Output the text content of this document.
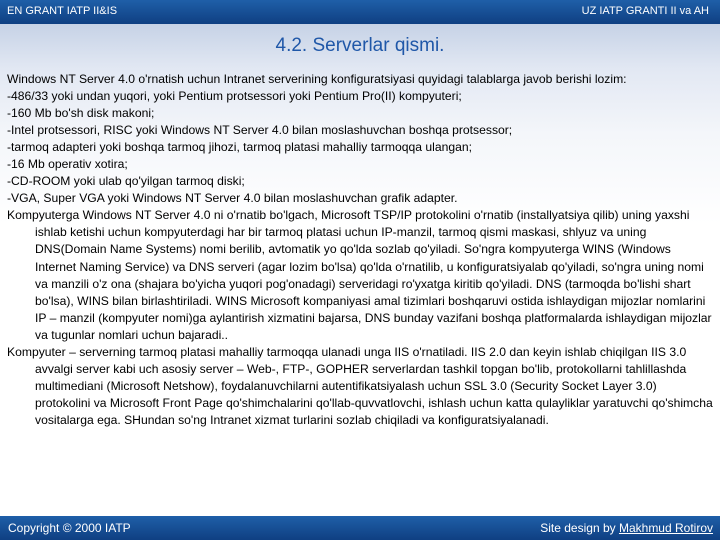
EN GRANT IATP II&IS	UZ IATP GRANTI II va AH
4.2. Serverlar qismi.

Windows NT Server 4.0 o'rnatish uchun Intranet serverining konfiguratsiyasi quyidagi talablarga javob berishi lozim:

-486/33 yoki undan yuqori, yoki Pentium protsessori yoki Pentium Pro(II) kompyuteri;

-160 Mb bo'sh disk makoni;

-Intel protsessori, RISC yoki Windows NT Server 4.0 bilan moslashuvchan boshqa protsessor;

-tarmoq adapteri yoki boshqa tarmoq jihozi, tarmoq platasi mahalliy tarmoqqa ulangan;

-16 Mb operativ xotira;

-CD-ROOM yoki ulab qo'yilgan tarmoq diski;

-VGA, Super VGA yoki Windows NT Server 4.0 bilan moslashuvchan grafik adapter.

Kompyuterga Windows NT Server 4.0 ni o'rnatib bo'lgach, Microsoft TSP/IP protokolini o'rnatib (installyatsiya qilib) uning yaxshi ishlab ketishi uchun kompyuterdagi har bir tarmoq platasi uchun IP-manzil, tarmoq qismi maskasi, shlyuz va uning DNS(Domain Name Systems) nomi berilib, avtomatik yo qo'lda sozlab qo'yiladi. So'ngra kompyuterga WINS (Windows Internet Naming Service) va DNS serveri (agar lozim bo'lsa) qo'lda o'rnatilib, u konfiguratsiyalab qo'yiladi, so'ngra uning nomi va manzili o'z ona (shajara bo'yicha yuqori pog'onadagi) serveridagi ro'yxatga kiritib qo'yiladi. DNS (tarmoqda bo'lishi shart bo'lsa), WINS bilan birlashtiriladi. WINS Microsoft kompaniyasi amal tizimlari boshqaruvi ostida ishlaydigan mijozlar nomlarini IP – manzil (kompyuter nomi)ga aylantirish xizmatini bajarsa, DNS bunday vazifani boshqa platformalarda ishlaydigan mijozlar va tugunlar nomlari uchun bajaradi..

Kompyuter – serverning tarmoq platasi mahalliy tarmoqqa ulanadi unga IIS o'rnatiladi. IIS 2.0 dan keyin ishlab chiqilgan IIS 3.0 avvalgi server kabi uch asosiy server – Web-, FTP-, GOPHER serverlardan tashkil topgan bo'lib, protokollarni tahlillashda multimediani (Microsoft Netshow), foydalanuvchilarni autentifikatsiyalash uchun SSL 3.0 (Security Socket Layer 3.0) protokolini va Microsoft Front Page qo'shimchalarini qo'llab-quvvatlovchi, ishlash uchun katta qulayliklar yaratuvchi qo'shimcha vositalarga ega. SHundan so'ng Intranet xizmat turlarini sozlab chiqiladi va konfiguratsiyalanadi.

Copyright © 2000 IATP	Site design by Makhmud Rotirov
